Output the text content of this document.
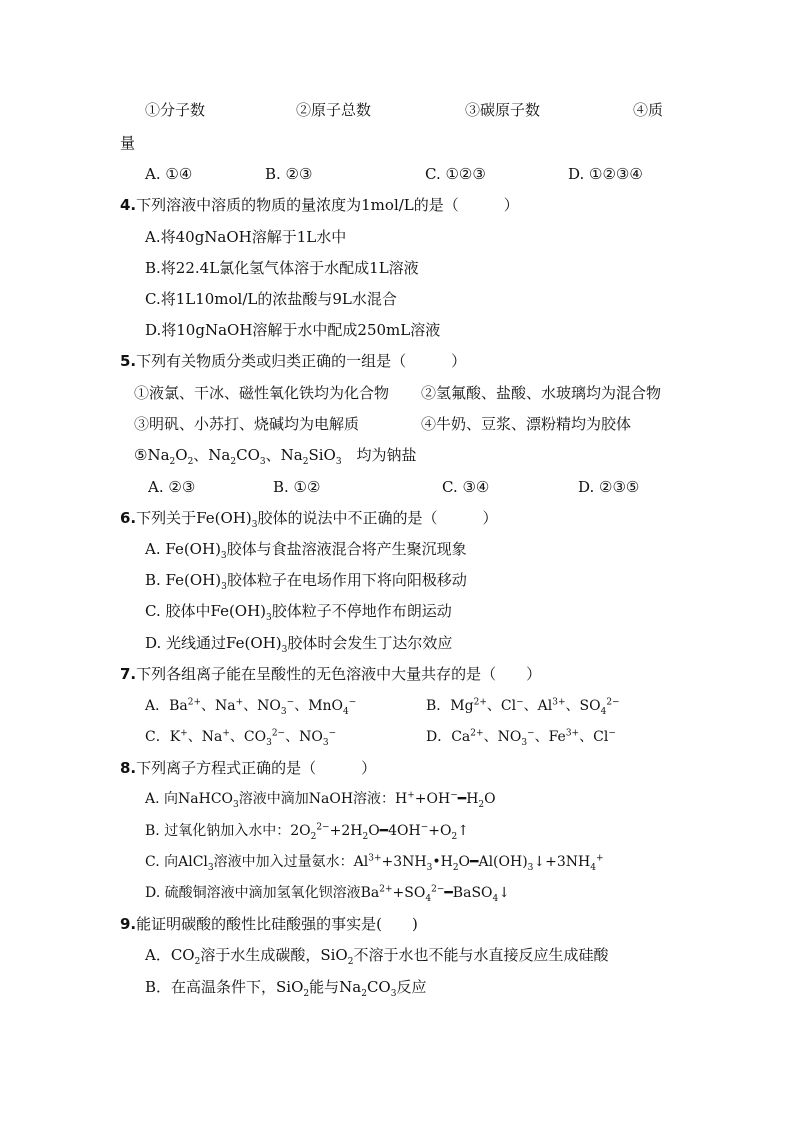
①分子数	②原子总数	③碳原子数	④质
量
A. ①④	B. ②③	C. ①②③	D. ①②③④
4.下列溶液中溶质的物质的量浓度为1mol/L的是（　　　）
A.将40gNaOH溶解于1L水中
B.将22.4L氯化氢气体溶于水配成1L溶液
C.将1L10mol/L的浓盐酸与9L水混合
D.将10gNaOH溶解于水中配成250mL溶液
5.下列有关物质分类或归类正确的一组是（　　　）
①液氯、干冰、磁性氧化铁均为化合物 ②氢氟酸、盐酸、水玻璃均为混合物
③明矾、小苏打、烧碱均为电解质	④牛奶、豆浆、漂粉精均为胶体
$⑤Na_2O_2$、$Na_2CO_3$、$Na_2SiO_3$　均为钠盐
A. ②③	B. ①②	C. ③④	D. ②③⑤
6.下列关于$Fe(OH)_3$胶体的说法中不正确的是（　　　）
A. $Fe(OH)_3$胶体与食盐溶液混合将产生聚沉现象
B. $Fe(OH)_3$胶体粒子在电场作用下将向阳极移动
C. 胶体中$Fe(OH)_3$胶体粒子不停地作布朗运动
D. 光线通过$Fe(OH)_3$胶体时会发生丁达尔效应
7.下列各组离子能在呈酸性的无色溶液中大量共存的是（　　）
A．$Ba^{2+}$、Na+、$NO_3^-$、MnO$_4$−	B．$Mg^{2+}$、Cl−、$Al^{3+}$、$SO_4^{2-}$
C．K+、Na+、$CO_3^{2-}$、$NO_3^-$	D．$Ca^{2+}$、$NO_3^-$、$Fe^{3+}$、Cl−
8.下列离子方程式正确的是（　　　）
A. 向NaHCO$_3$溶液中滴加NaOH溶液：$H^++OH^-━H_2O$
B. 过氧化钠加入水中：$2O_2^{2-}+2H_2O━4OH^-+O_2↑$
C. 向AlCl$_3$溶液中加入过量氨水：$Al^{3+}+3NH_3•H_2O━Al(OH)_3↓+3NH_4^+$
D. 硫酸铜溶液中滴加氢氧化钡溶液$Ba^{2+}+SO_4^{2-}━BaSO_4↓$
9.能证明碳酸的酸性比硅酸强的事实是(　　)
A．$CO_2$溶于水生成碳酸，SiO$_2$不溶于水也不能与水直接反应生成硅酸
B．在高温条件下，SiO$_2$能与$Na_2CO_3$反应
